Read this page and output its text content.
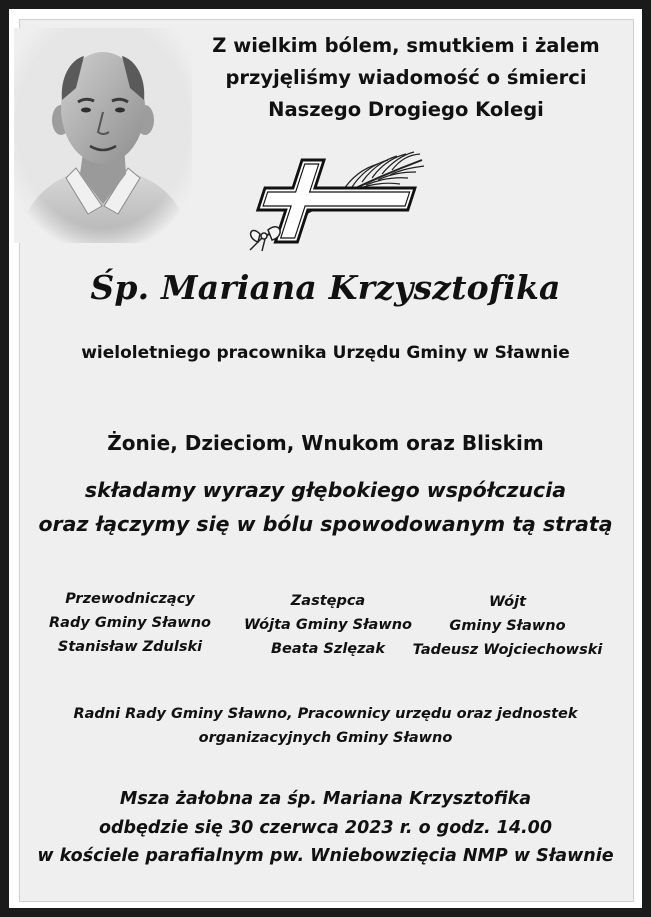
Z wielkim bólem, smutkiem i żalem
przyjęliśmy wiadomość o śmierci
Naszego Drogiego Kolegi
Śp. Mariana Krzysztofika
wieloletniego pracownika Urzędu Gminy w Sławnie
Żonie, Dzieciom, Wnukom oraz Bliskim
składamy wyrazy głębokiego współczucia
oraz łączymy się w bólu spowodowanym tą stratą
Przewodniczący
Rady Gminy Sławno
Stanisław Zdulski
Zastępca
Wójta Gminy Sławno
Beata Szlęzak
Wójt
Gminy Sławno
Tadeusz Wojciechowski
Radni Rady Gminy Sławno, Pracownicy urzędu oraz jednostek
organizacyjnych Gminy Sławno
Msza żałobna za śp. Mariana Krzysztofika
odbędzie się 30 czerwca 2023 r. o godz. 14.00
w kościele parafialnym pw. Wniebowzięcia NMP w Sławnie
